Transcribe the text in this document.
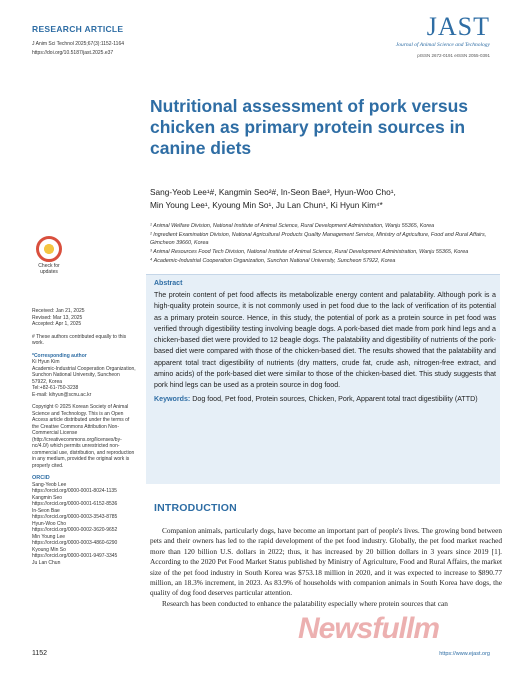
RESEARCH ARTICLE
J Anim Sci Technol 2025;67(3):1152-1164
https://doi.org/10.5187/jast.2025.e37
JAST
Journal of Animal Science and Technology
pISSN 2672-0191 eISSN 2055-0391
Nutritional assessment of pork versus chicken as primary protein sources in canine diets
Sang-Yeob Lee¹#, Kangmin Seo²#, In-Seon Bae³, Hyun-Woo Cho¹,
Min Young Lee¹, Kyoung Min So¹, Ju Lan Chun¹, Ki Hyun Kim⁴*
¹ Animal Welfare Division, National Institute of Animal Science, Rural Development Administration, Wanju 55365, Korea
² Ingredient Examination Division, National Agricultural Products Quality Management Service, Ministry of Agriculture, Food and Rural Affairs, Gimcheon 39660, Korea
³ Animal Resources Food Tech Division, National Institute of Animal Science, Rural Development Administration, Wanju 55365, Korea
⁴ Academic-Industrial Cooperation Organization, Sunchon National University, Suncheon 57922, Korea
Check for
updates
Received: Jan 21, 2025
Revised: Mar 13, 2025
Accepted: Apr 1, 2025
# These authors contributed equally to this work.
*Corresponding author
Ki Hyun Kim
Academic-Industrial Cooperation Organization, Sunchon National University, Suncheon 57922, Korea
Tel:+82-61-750-3238
E-mail: kihyun@scnu.ac.kr
Copyright © 2025 Korean Society of Animal Science and Technology. This is an Open Access article distributed under the terms of the Creative Commons Attribution Non-Commercial License (http://creativecommons.org/licenses/by-nc/4.0/) which permits unrestricted non-commercial use, distribution, and reproduction in any medium, provided the original work is properly cited.
ORCID
Sang-Yeob Lee
https://orcid.org/0000-0001-8024-1135
Kangmin Seo
https://orcid.org/0000-0001-6152-8536
In-Seon Bae
https://orcid.org/0000-0003-3543-8785
Hyun-Woo Cho
https://orcid.org/0000-0002-3620-9652
Min Young Lee
https://orcid.org/0000-0003-4860-6290
Kyoung Min So
https://orcid.org/0000-0001-9497-3345
Ju Lan Chun
Abstract

The protein content of pet food affects its metabolizable energy content and palatability. Although pork is a high-quality protein source, it is not commonly used in pet food due to the lack of verification of its potential as a primary protein source. Hence, in this study, the potential of pork as a protein source in pet food was verified through digestibility testing involving beagle dogs. A pork-based diet made from pork hind legs and a chicken-based diet were provided to 12 beagle dogs. The palatability and digestibility of nutrients of the pork-based diet were compared with those of the chicken-based diet. The results showed that the palatability and apparent total tract digestibility of nutrients (dry matters, crude fat, crude ash, nitrogen-free extract, and amino acids) of the pork-based diet were similar to those of the chicken-based diet. This study suggests that pork hind legs can be used as a protein source in dog food.

Keywords: Dog food, Pet food, Protein sources, Chicken, Pork, Apparent total tract digestibility (ATTD)

INTRODUCTION

Companion animals, particularly dogs, have become an important part of people's lives. The growing bond between pets and their owners has led to the rapid development of the pet food industry. Globally, the pet food market reached more than 120 billion U.S. dollars in 2022; thus, it has increased by 20 billion dollars in 3 years since 2019 [1]. According to the 2020 Pet Food Market Status published by Ministry of Agriculture, Food and Rural Affairs, the market size of the pet food industry in South Korea was $753.18 million in 2020, and it was expected to increase to $890.77 million, an 18.3% increment, in 2023. As 83.9% of households with companion animals in South Korea have dogs, the quality of dog food deserves particular attention.

Research has been conducted to enhance the palatability especially where protein sources that can

Newsfullm
1152	https://www.ejast.org
